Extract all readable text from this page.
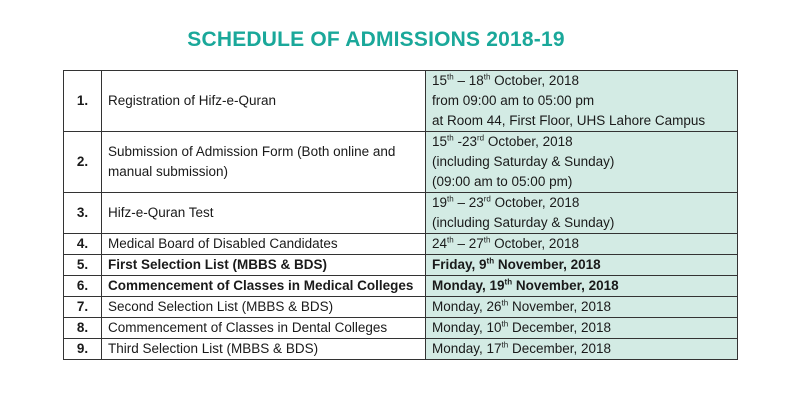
SCHEDULE OF ADMISSIONS 2018-19
1.	Registration of Hifz-e-Quran	15th – 18th October, 2018
from 09:00 am to 05:00 pm
at Room 44, First Floor, UHS Lahore Campus

2.	Submission of Admission Form (Both online and manual submission)	15th -23rd October, 2018
(including Saturday & Sunday)
(09:00 am to 05:00 pm)

3.	Hifz-e-Quran Test	19th – 23rd October, 2018
(including Saturday & Sunday)

4.	Medical Board of Disabled Candidates	24th – 27th October, 2018

5.	First Selection List (MBBS & BDS)	Friday, 9th November, 2018

6.	Commencement of Classes in Medical Colleges	Monday, 19th November, 2018

7.	Second Selection List (MBBS & BDS)	Monday, 26th November, 2018

8.	Commencement of Classes in Dental Colleges	Monday, 10th December, 2018

9.	Third Selection List (MBBS & BDS)	Monday, 17th December, 2018
